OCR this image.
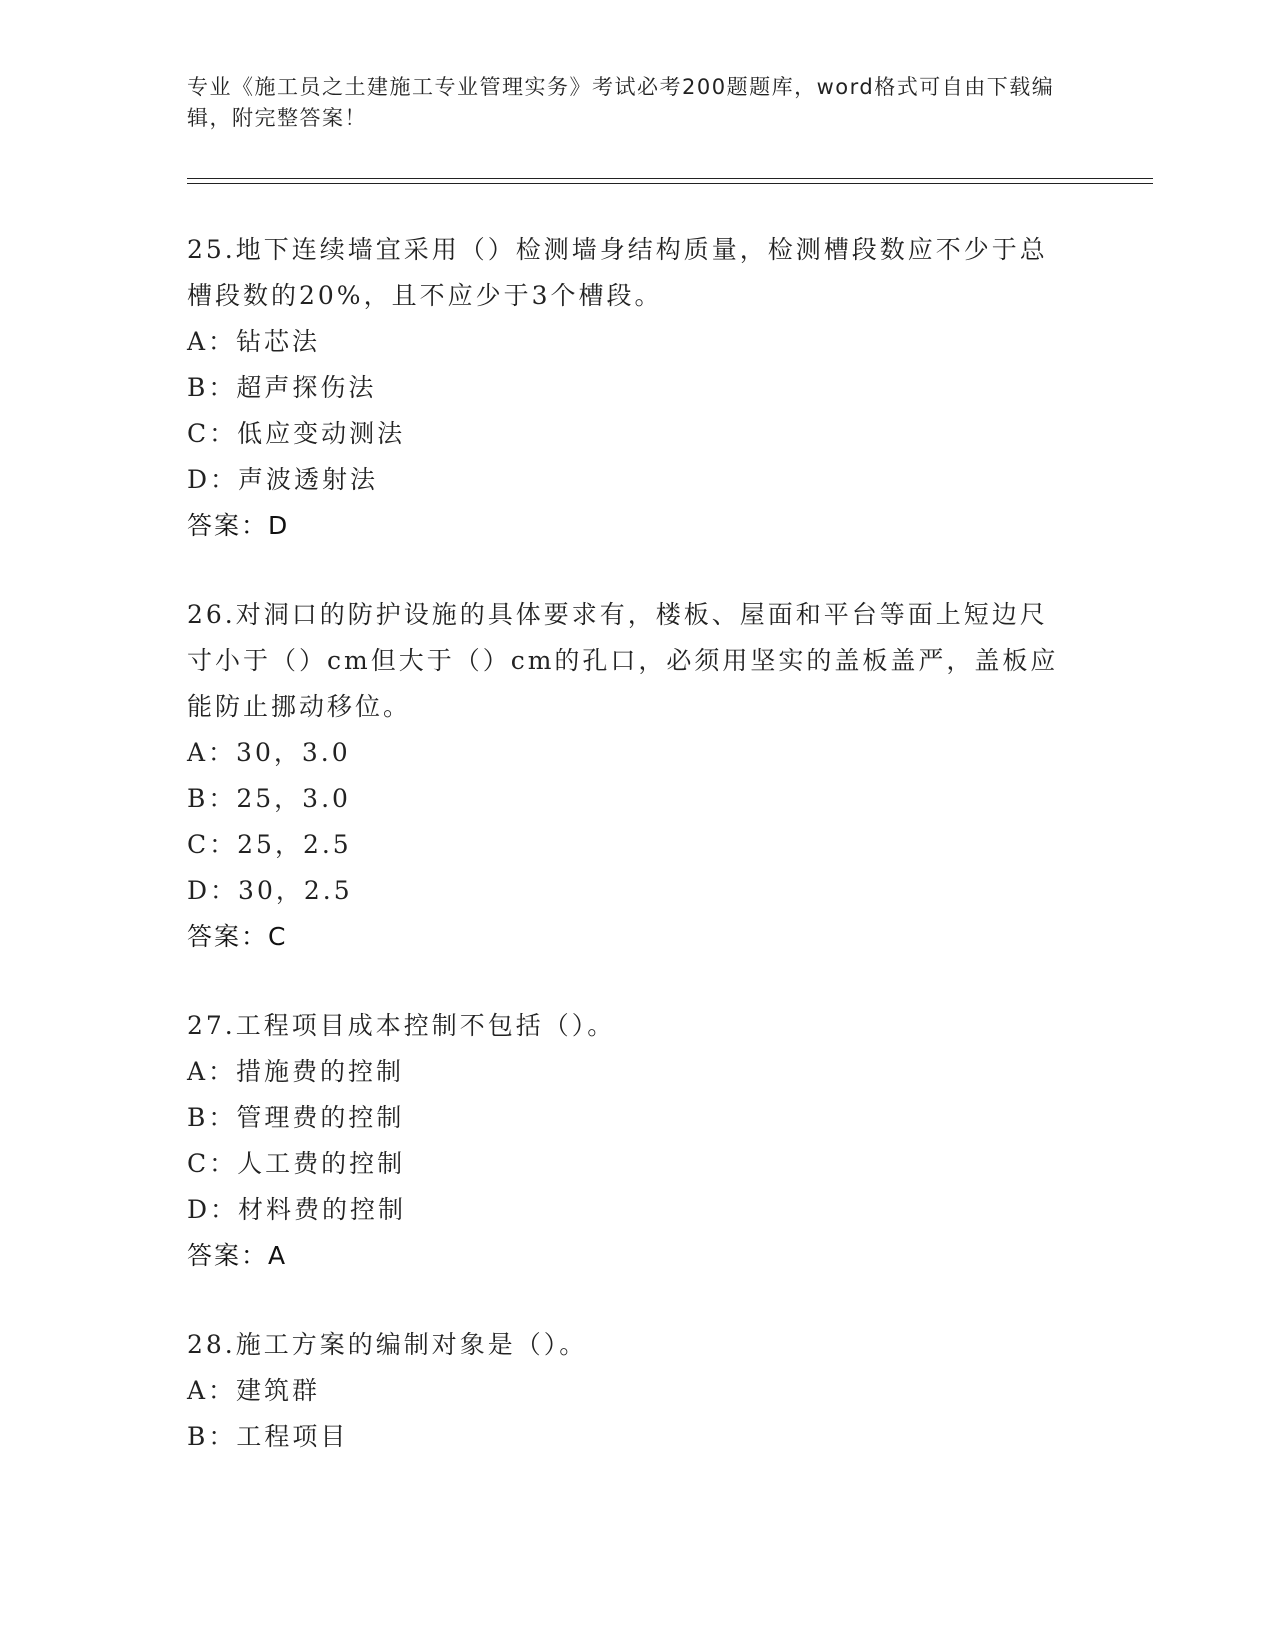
专业《施工员之土建施工专业管理实务》考试必考200题题库，word格式可自由下载编辑，附完整答案！

25.地下连续墙宜采用（）检测墙身结构质量，检测槽段数应不少于总槽段数的20%，且不应少于3个槽段。

A：钻芯法
B：超声探伤法
C：低应变动测法
D：声波透射法
答案：D

26.对洞口的防护设施的具体要求有，楼板、屋面和平台等面上短边尺寸小于（）cm但大于（）cm的孔口，必须用坚实的盖板盖严，盖板应能防止挪动移位。

A：30，3.0
B：25，3.0
C：25，2.5
D：30，2.5
答案：C

27.工程项目成本控制不包括（）。

A：措施费的控制
B：管理费的控制
C：人工费的控制
D：材料费的控制
答案：A

28.施工方案的编制对象是（）。

A：建筑群
B：工程项目
